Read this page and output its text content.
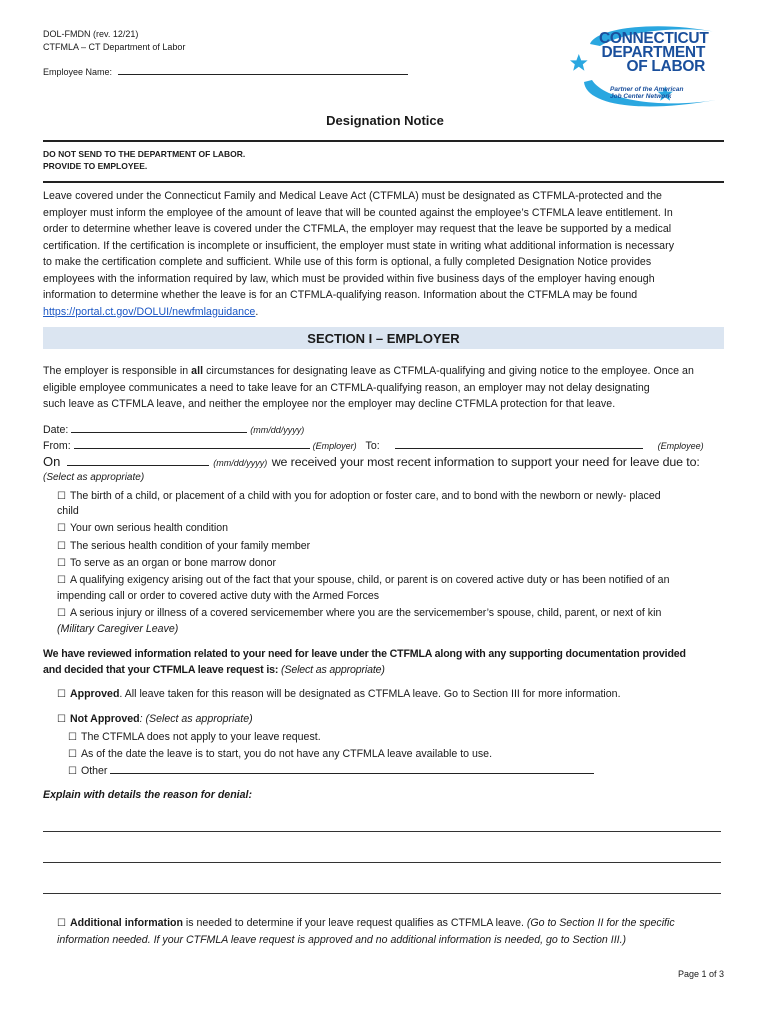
DOL-FMDN (rev. 12/21)
CTFMLA – CT Department of Labor
Employee Name:
CONNECTICUT
DEPARTMENT
OF LABOR
Partner of the American
Job Center Network
Designation Notice
DO NOT SEND TO THE DEPARTMENT OF LABOR.
PROVIDE TO EMPLOYEE.
Leave covered under the Connecticut Family and Medical Leave Act (CTFMLA) must be designated as CTFMLA-protected and the
employer must inform the employee of the amount of leave that will be counted against the employee’s CTFMLA leave entitlement. In
order to determine whether leave is covered under the CTFMLA, the employer may request that the leave be supported by a medical
certification. If the certification is incomplete or insufficient, the employer must state in writing what additional information is necessary
to make the certification complete and sufficient. While use of this form is optional, a fully completed Designation Notice provides
employees with the information required by law, which must be provided within five business days of the employer having enough
information to determine whether the leave is for an CTFMLA-qualifying reason. Information about the CTFMLA may be found
https://portal.ct.gov/DOLUI/newfmlaguidance.
SECTION I – EMPLOYER
The employer is responsible in all circumstances for designating leave as CTFMLA-qualifying and giving notice to the employee. Once an
eligible employee communicates a need to take leave for an CTFMLA-qualifying reason, an employer may not delay designating
such leave as CTFMLA leave, and neither the employee nor the employer may decline CTFMLA protection for that leave.
Date:	(mm/dd/yyyy)
From:	(Employer) To:	(Employee)
On	(mm/dd/yyyy) we received your most recent information to support your need for leave due to:
(Select as appropriate)
☐ The birth of a child, or placement of a child with you for adoption or foster care, and to bond with the newborn or newly- placed
child
☐ Your own serious health condition
☐ The serious health condition of your family member
☐ To serve as an organ or bone marrow donor
☐ A qualifying exigency arising out of the fact that your spouse, child, or parent is on covered active duty or has been notified of an
impending call or order to covered active duty with the Armed Forces
☐ A serious injury or illness of a covered servicemember where you are the servicemember’s spouse, child, parent, or next of kin
(Military Caregiver Leave)
We have reviewed information related to your need for leave under the CTFMLA along with any supporting documentation provided
and decided that your CTFMLA leave request is: (Select as appropriate)
☐ Approved. All leave taken for this reason will be designated as CTFMLA leave. Go to Section III for more information.
☐ Not Approved: (Select as appropriate)
☐ The CTFMLA does not apply to your leave request.
☐ As of the date the leave is to start, you do not have any CTFMLA leave available to use.
☐ Other
Explain with details the reason for denial:
☐ Additional information is needed to determine if your leave request qualifies as CTFMLA leave. (Go to Section II for the specific
information needed. If your CTFMLA leave request is approved and no additional information is needed, go to Section III.)
Page 1 of 3
